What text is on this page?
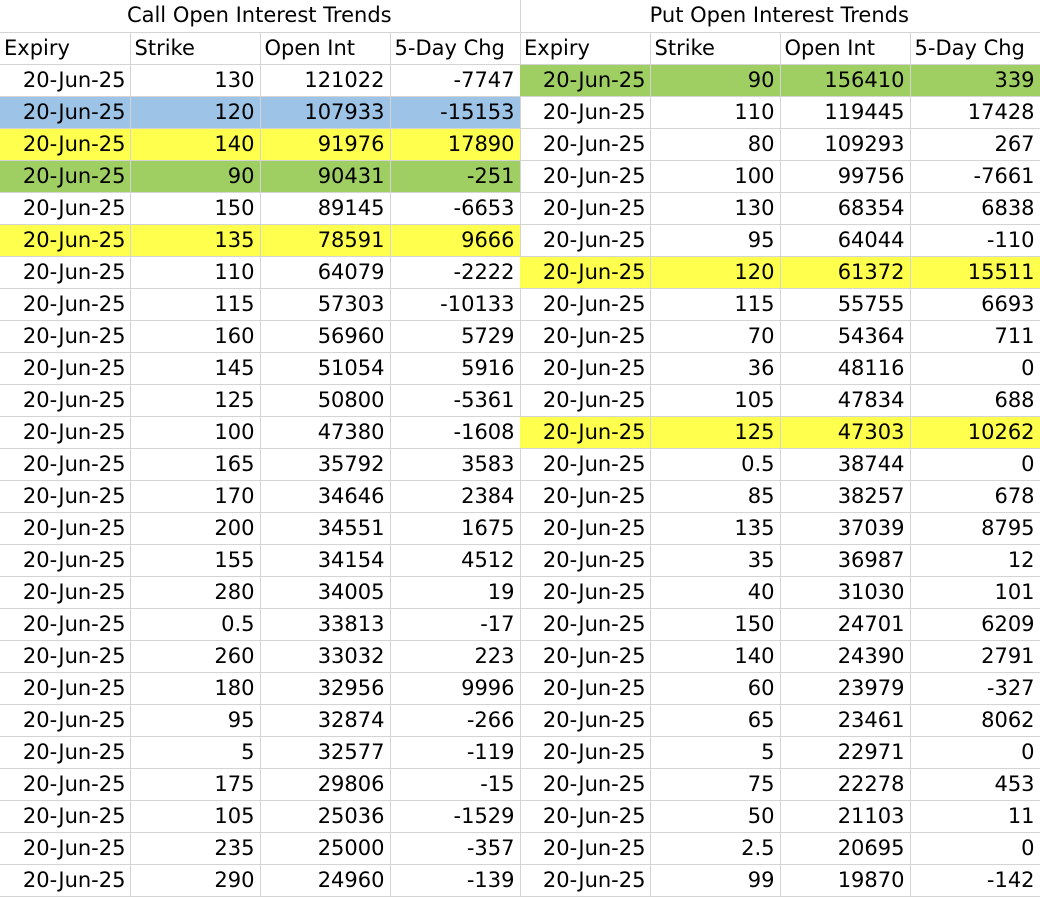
Call Open Interest Trends			
Expiry	Strike	Open Int	5-Day Chg
20-Jun-25	130	121022	-7747
20-Jun-25	120	107933	-15153
20-Jun-25	140	91976	17890
20-Jun-25	90	90431	-251
20-Jun-25	150	89145	-6653
20-Jun-25	135	78591	9666
20-Jun-25	110	64079	-2222
20-Jun-25	115	57303	-10133
20-Jun-25	160	56960	5729
20-Jun-25	145	51054	5916
20-Jun-25	125	50800	-5361
20-Jun-25	100	47380	-1608
20-Jun-25	165	35792	3583
20-Jun-25	170	34646	2384
20-Jun-25	200	34551	1675
20-Jun-25	155	34154	4512
20-Jun-25	280	34005	19
20-Jun-25	0.5	33813	-17
20-Jun-25	260	33032	223
20-Jun-25	180	32956	9996
20-Jun-25	95	32874	-266
20-Jun-25	5	32577	-119
20-Jun-25	175	29806	-15
20-Jun-25	105	25036	-1529
20-Jun-25	235	25000	-357
20-Jun-25	290	24960	-139
Put Open Interest Trends			
Expiry	Strike	Open Int	5-Day Chg
20-Jun-25	90	156410	339
20-Jun-25	110	119445	17428
20-Jun-25	80	109293	267
20-Jun-25	100	99756	-7661
20-Jun-25	130	68354	6838
20-Jun-25	95	64044	-110
20-Jun-25	120	61372	15511
20-Jun-25	115	55755	6693
20-Jun-25	70	54364	711
20-Jun-25	36	48116	0
20-Jun-25	105	47834	688
20-Jun-25	125	47303	10262
20-Jun-25	0.5	38744	0
20-Jun-25	85	38257	678
20-Jun-25	135	37039	8795
20-Jun-25	35	36987	12
20-Jun-25	40	31030	101
20-Jun-25	150	24701	6209
20-Jun-25	140	24390	2791
20-Jun-25	60	23979	-327
20-Jun-25	65	23461	8062
20-Jun-25	5	22971	0
20-Jun-25	75	22278	453
20-Jun-25	50	21103	11
20-Jun-25	2.5	20695	0
20-Jun-25	99	19870	-142
